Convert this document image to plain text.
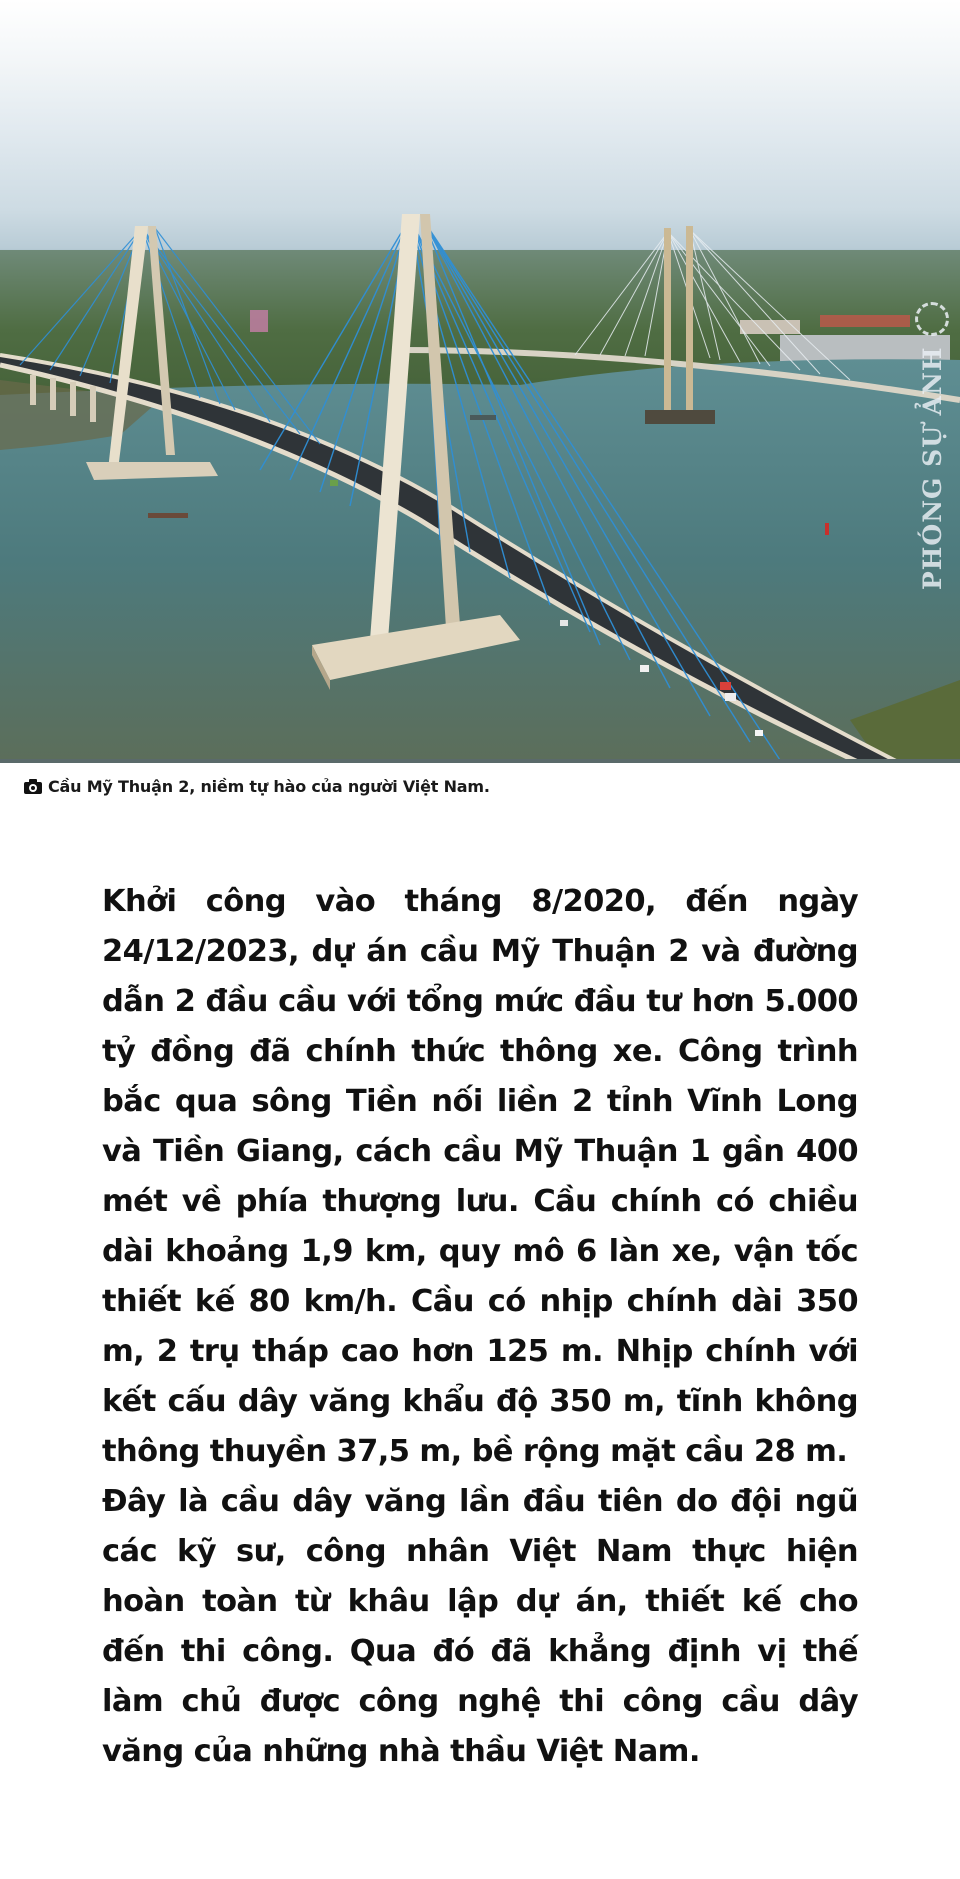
PHÓNG SỰ ẢNH
Cầu Mỹ Thuận 2, niềm tự hào của người Việt Nam.

Khởi công vào tháng 8/2020, đến ngày 24/12/2023, dự án cầu Mỹ Thuận 2 và đường dẫn 2 đầu cầu với tổng mức đầu tư hơn 5.000 tỷ đồng đã chính thức thông xe. Công trình bắc qua sông Tiền nối liền 2 tỉnh Vĩnh Long và Tiền Giang, cách cầu Mỹ Thuận 1 gần 400 mét về phía thượng lưu. Cầu chính có chiều dài khoảng 1,9 km, quy mô 6 làn xe, vận tốc thiết kế 80 km/h. Cầu có nhịp chính dài 350 m, 2 trụ tháp cao hơn 125 m. Nhịp chính với kết cấu dây văng khẩu độ 350 m, tĩnh không thông thuyền 37,5 m, bề rộng mặt cầu 28 m.

Đây là cầu dây văng lần đầu tiên do đội ngũ các kỹ sư, công nhân Việt Nam thực hiện hoàn toàn từ khâu lập dự án, thiết kế cho đến thi công. Qua đó đã khẳng định vị thế làm chủ được công nghệ thi công cầu dây văng của những nhà thầu Việt Nam.
